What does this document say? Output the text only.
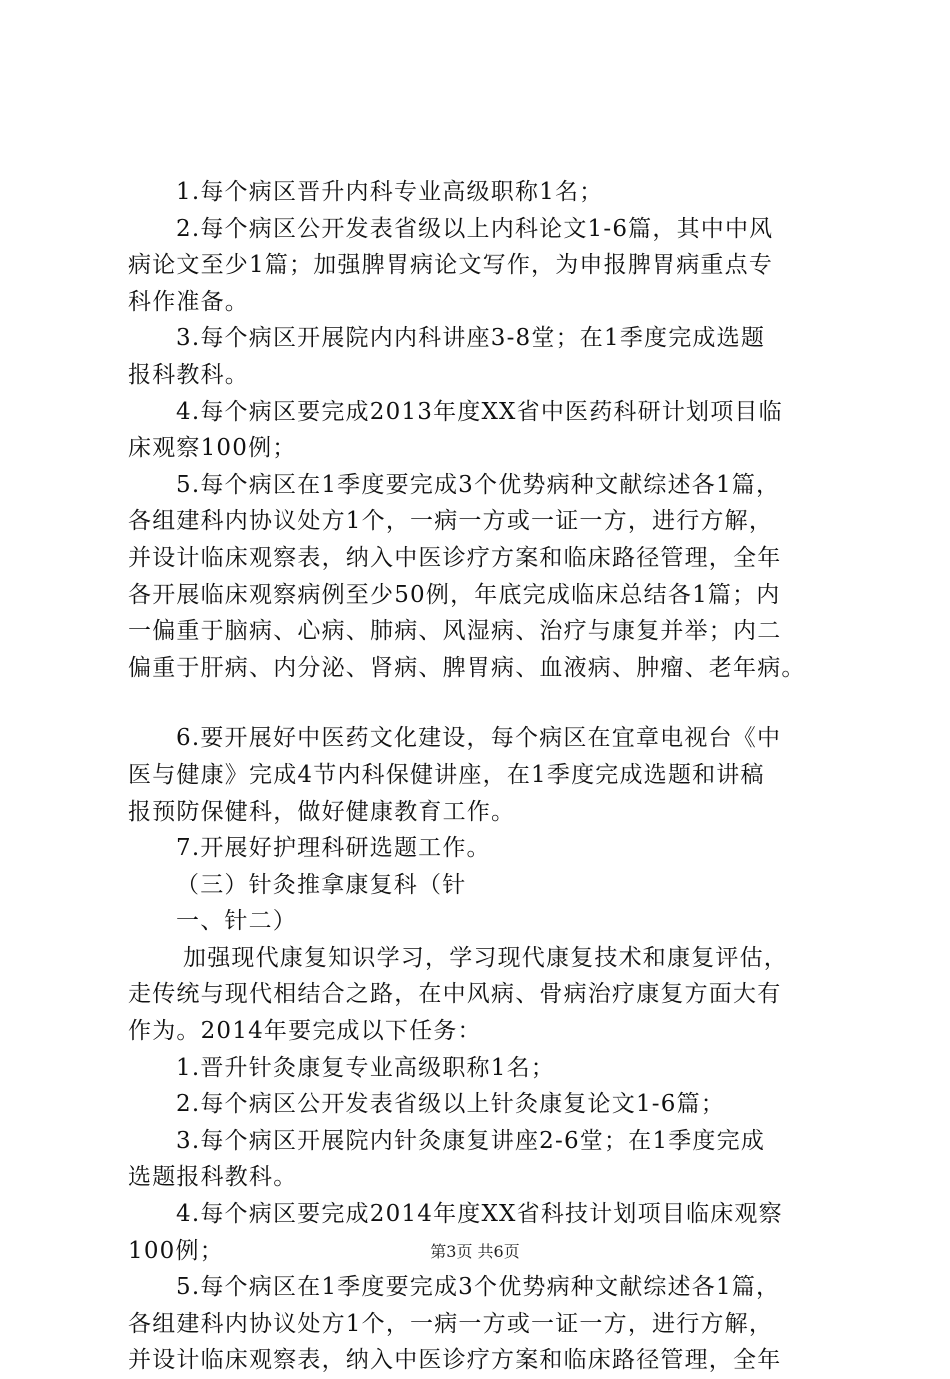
1.每个病区晋升内科专业高级职称1名；
2.每个病区公开发表省级以上内科论文1-6篇，其中中风
病论文至少1篇；加强脾胃病论文写作，为申报脾胃病重点专
科作准备。
3.每个病区开展院内内科讲座3-8堂；在1季度完成选题
报科教科。
4.每个病区要完成2013年度XX省中医药科研计划项目临
床观察100例；
5.每个病区在1季度要完成3个优势病种文献综述各1篇，
各组建科内协议处方1个，一病一方或一证一方，进行方解，
并设计临床观察表，纳入中医诊疗方案和临床路径管理，全年
各开展临床观察病例至少50例，年底完成临床总结各1篇；内
一偏重于脑病、心病、肺病、风湿病、治疗与康复并举；内二
偏重于肝病、内分泌、肾病、脾胃病、血液病、肿瘤、老年病。
6.要开展好中医药文化建设，每个病区在宜章电视台《中
医与健康》完成4节内科保健讲座，在1季度完成选题和讲稿
报预防保健科，做好健康教育工作。
7.开展好护理科研选题工作。
（三）针灸推拿康复科（针
一、针二）
加强现代康复知识学习，学习现代康复技术和康复评估，
走传统与现代相结合之路，在中风病、骨病治疗康复方面大有
作为。2014年要完成以下任务：
1.晋升针灸康复专业高级职称1名；
2.每个病区公开发表省级以上针灸康复论文1-6篇；
3.每个病区开展院内针灸康复讲座2-6堂；在1季度完成
选题报科教科。
4.每个病区要完成2014年度XX省科技计划项目临床观察
100例；
5.每个病区在1季度要完成3个优势病种文献综述各1篇，
各组建科内协议处方1个，一病一方或一证一方，进行方解，
并设计临床观察表，纳入中医诊疗方案和临床路径管理，全年
第3页 共6页
